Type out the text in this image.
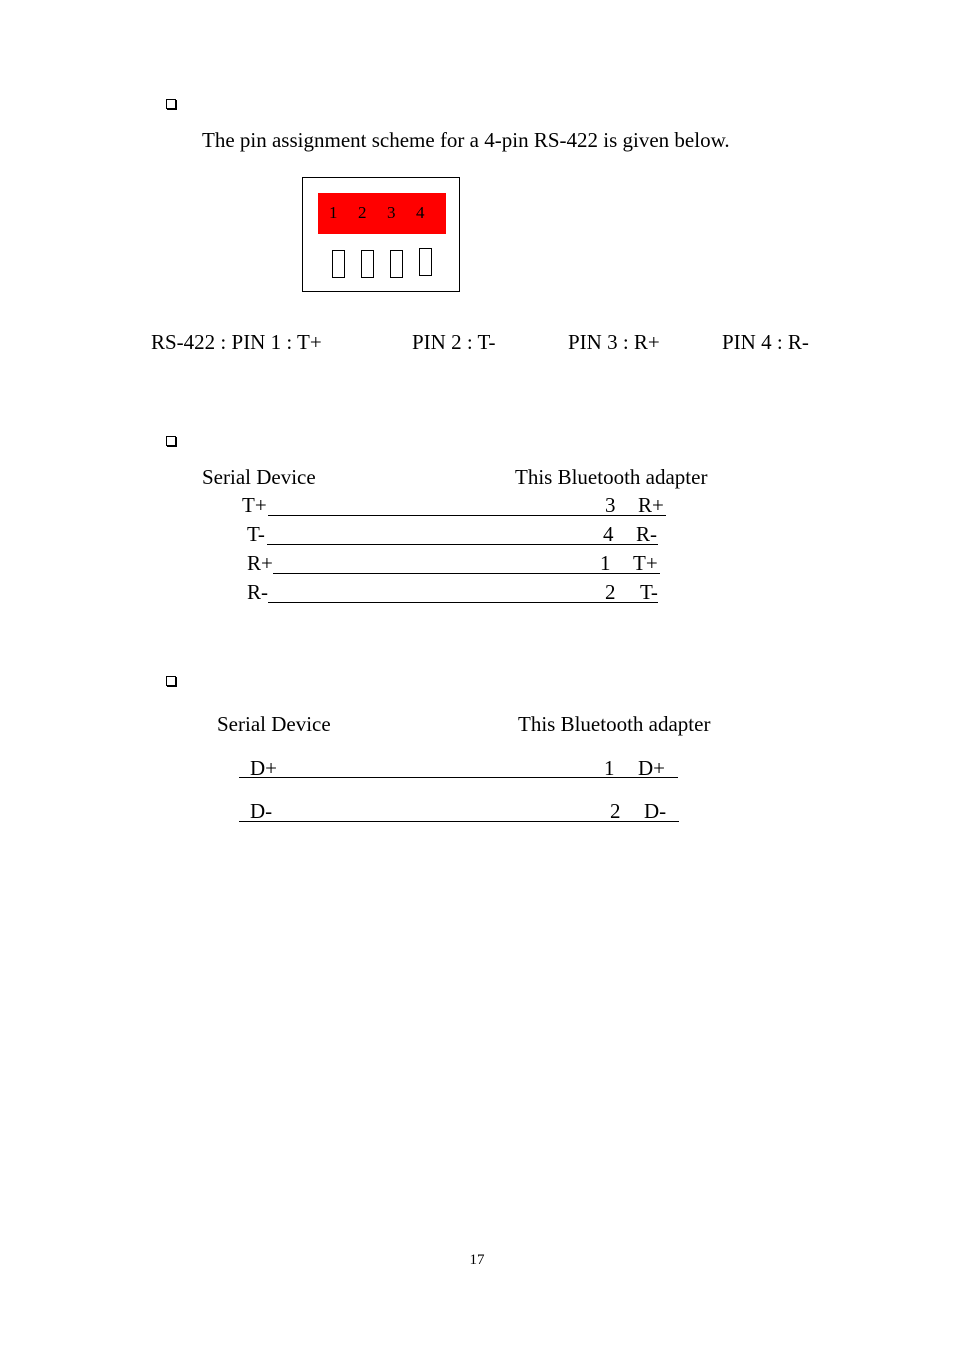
The pin assignment scheme for a 4-pin RS-422 is given below.
1 2 3 4
RS-422 : PIN 1 : T+	PIN 2 : T-	PIN 3 : R+	PIN 4 : R-
Serial Device	This Bluetooth adapter
T+	3 R+
T-	4 R-
R+	1 T+
R-	2 T-
Serial Device	This Bluetooth adapter
D+	1 D+
D-	2 D-
17
